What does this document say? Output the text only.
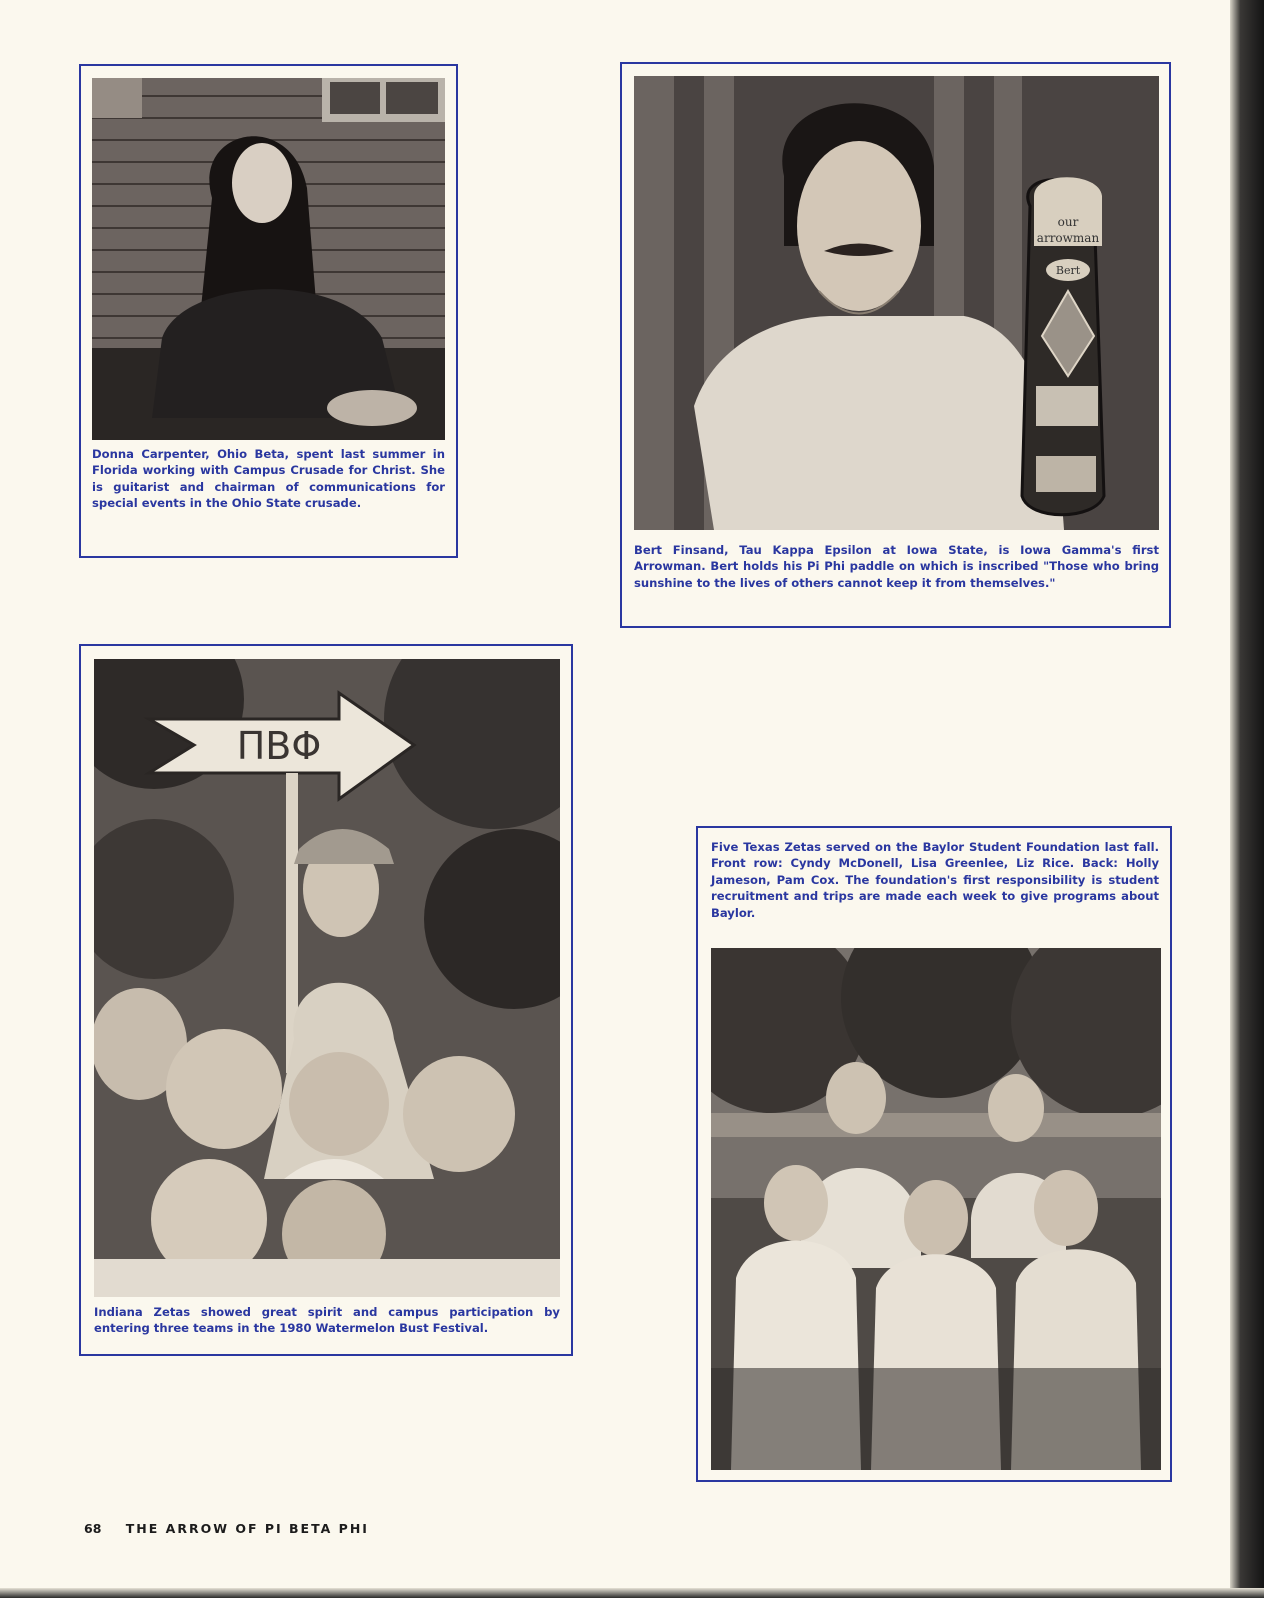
Donna Carpenter, Ohio Beta, spent last summer in Florida working with Campus Crusade for Christ. She is guitarist and chairman of communications for special events in the Ohio State crusade.

our
arrowman
Bert

Bert Finsand, Tau Kappa Epsilon at Iowa State, is Iowa Gamma's first Arrowman. Bert holds his Pi Phi paddle on which is inscribed "Those who bring sunshine to the lives of others cannot keep it from themselves."

ΠΒΦ

Indiana Zetas showed great spirit and campus participation by entering three teams in the 1980 Watermelon Bust Festival.

Five Texas Zetas served on the Baylor Student Foundation last fall. Front row: Cyndy McDonell, Lisa Greenlee, Liz Rice. Back: Holly Jameson, Pam Cox. The foundation's first responsibility is student recruitment and trips are made each week to give programs about Baylor.

68 THE ARROW OF PI BETA PHI
